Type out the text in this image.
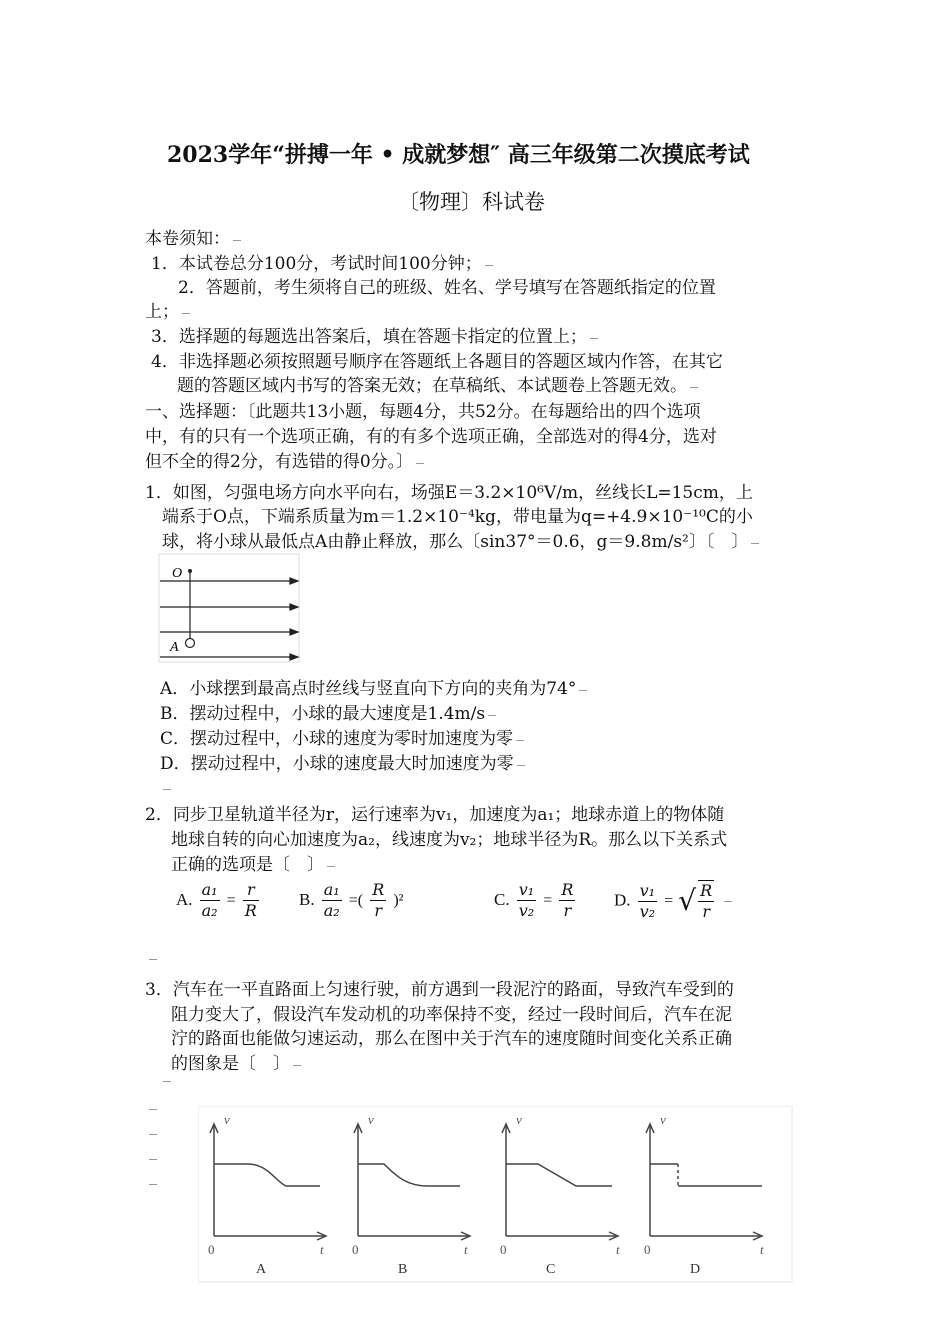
2023学年“拼搏一年 • 成就梦想″ 高三年级第二次摸底考试
〔物理〕科试卷
本卷须知：
1．本试卷总分100分，考试时间100分钟；
2．答题前，考生须将自己的班级、姓名、学号填写在答题纸指定的位置
上；
3．选择题的每题选出答案后，填在答题卡指定的位置上；
4．非选择题必须按照题号顺序在答题纸上各题目的答题区域内作答，在其它
题的答题区域内书写的答案无效；在草稿纸、本试题卷上答题无效。
一、选择题：〔此题共13小题，每题4分，共52分。在每题给出的四个选项
中，有的只有一个选项正确，有的有多个选项正确，全部选对的得4分，选对
但不全的得2分，有选错的得0分。〕
1．如图，匀强电场方向水平向右，场强E＝3.2×10⁶V/m，丝线长L=15cm，上
端系于O点，下端系质量为m＝1.2×10⁻⁴kg，带电量为q=+4.9×10⁻¹⁰C的小
球，将小球从最低点A由静止释放，那么〔sin37°＝0.6，g＝9.8m/s²〕〔　〕
O
A
A．小球摆到最高点时丝线与竖直向下方向的夹角为74°
B．摆动过程中，小球的最大速度是1.4m/s
C．摆动过程中，小球的速度为零时加速度为零
D．摆动过程中，小球的速度最大时加速度为零
2．同步卫星轨道半径为r，运行速率为v₁，加速度为a₁；地球赤道上的物体随
地球自转的向心加速度为a₂，线速度为v₂；地球半径为R。那么以下关系式
正确的选项是〔　〕
A. $\frac{\text{a₁}}{\text{a₂}} = \frac{r}{R} B$. $\frac{\text{a₁}}{\text{a₂}}$ =( $\frac{R}{r} )^2$	C. $\frac{\text{v₁}}{\text{v₂}} = \frac{R}{r} D$. $\frac{\text{v₁}}{\text{v₂}}$ = √ $\frac{R}{r}$

3．汽车在一平直路面上匀速行驶，前方遇到一段泥泞的路面，导致汽车受到的
阻力变大了，假设汽车发动机的功率保持不变，经过一段时间后，汽车在泥
泞的路面也能做匀速运动，那么在图中关于汽车的速度随时间变化关系正确
的图象是〔　〕
v
t
0
A
v
t
0
B
v
t
0
C
v
t
0
D
